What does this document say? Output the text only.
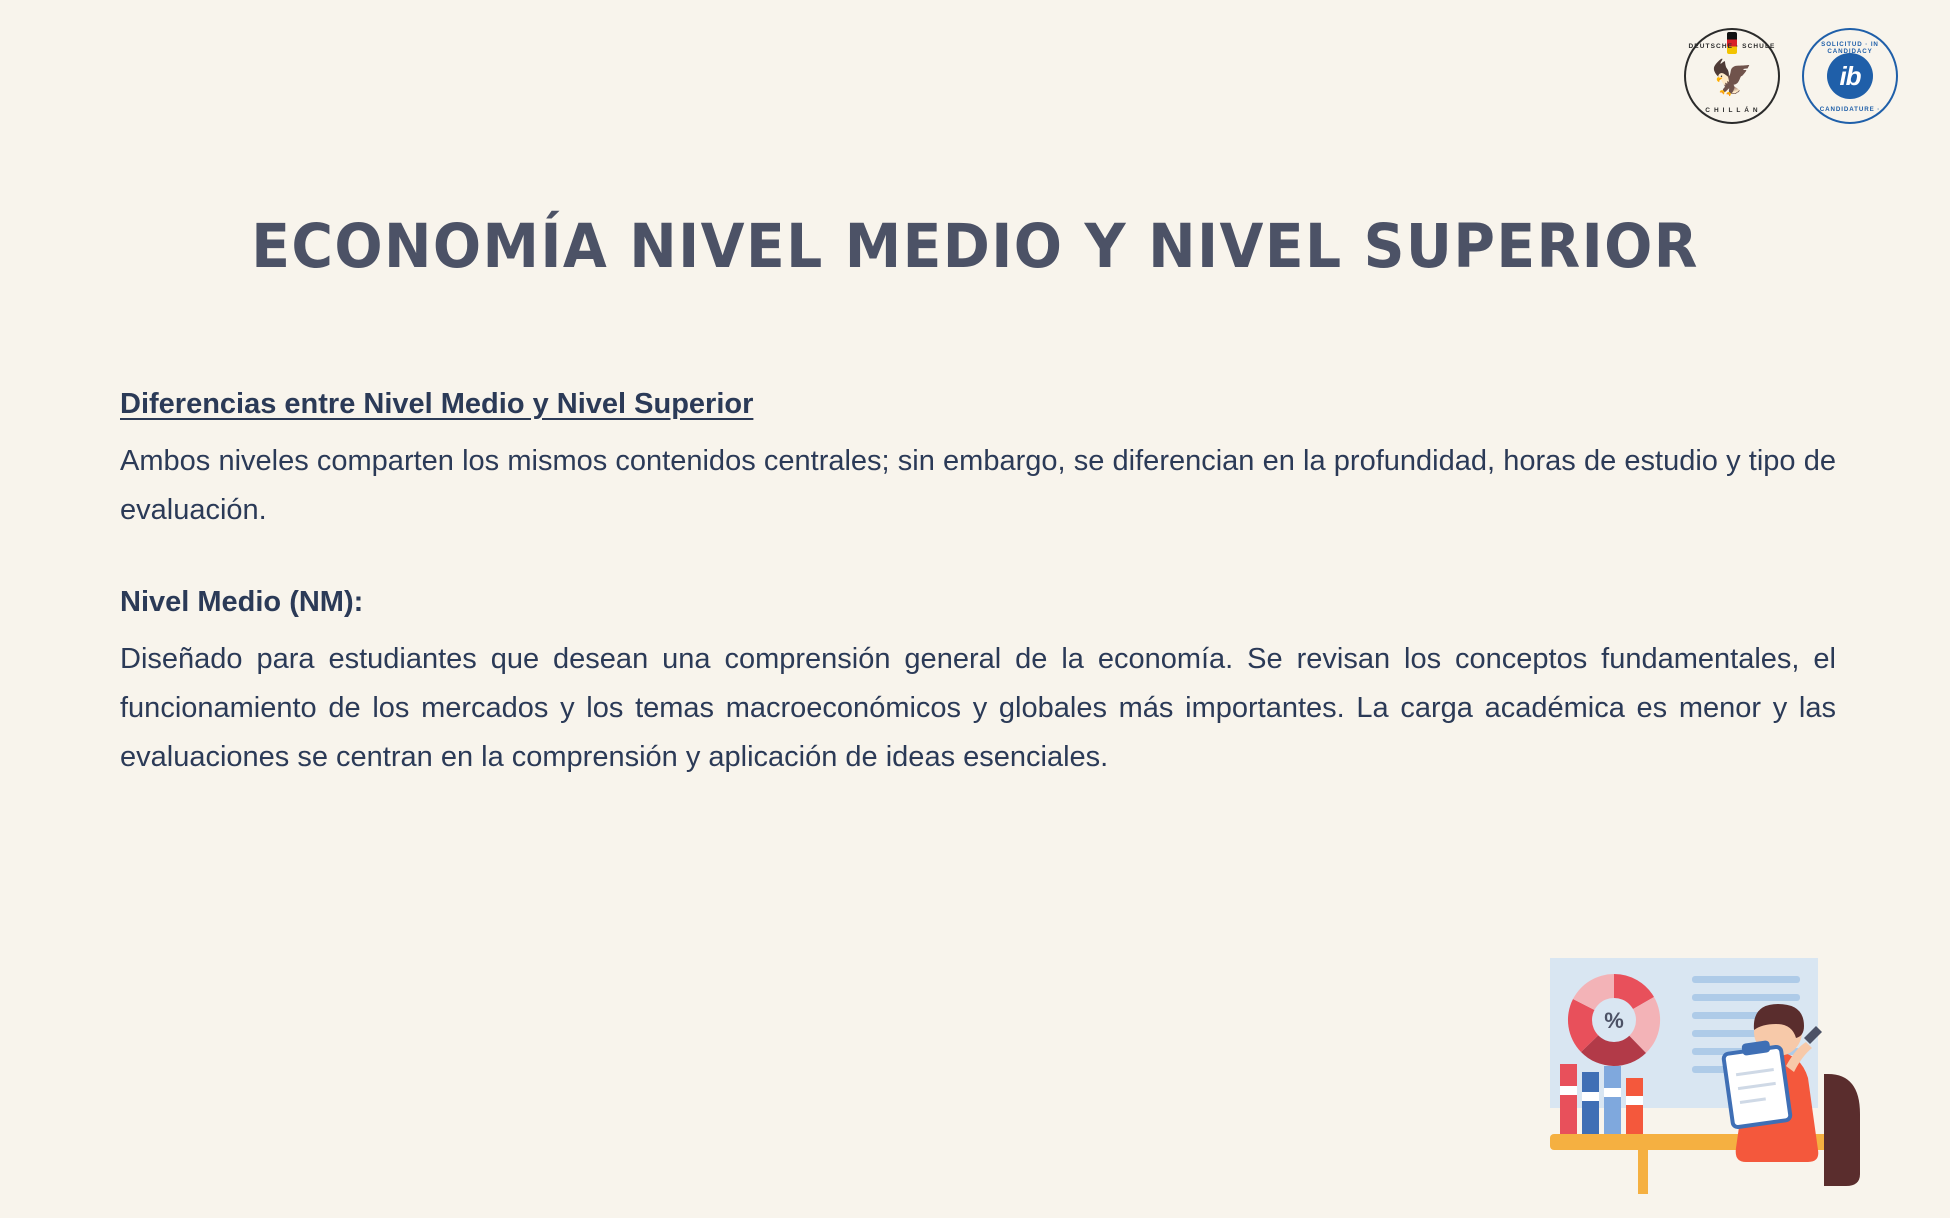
DEUTSCHE · SCHULE
🦅
C H I L L Á N
SOLICITUD · IN CANDIDACY
ib
CANDIDATURE ·
ECONOMÍA NIVEL MEDIO Y NIVEL SUPERIOR
Diferencias entre Nivel Medio y Nivel Superior

Ambos niveles comparten los mismos contenidos centrales; sin embargo, se diferencian en la profundidad, horas de estudio y tipo de evaluación.

Nivel Medio (NM):

Diseñado para estudiantes que desean una comprensión general de la economía. Se revisan los conceptos fundamentales, el funcionamiento de los mercados y los temas macroeconómicos y globales más importantes. La carga académica es menor y las evaluaciones se centran en la comprensión y aplicación de ideas esenciales.

%
